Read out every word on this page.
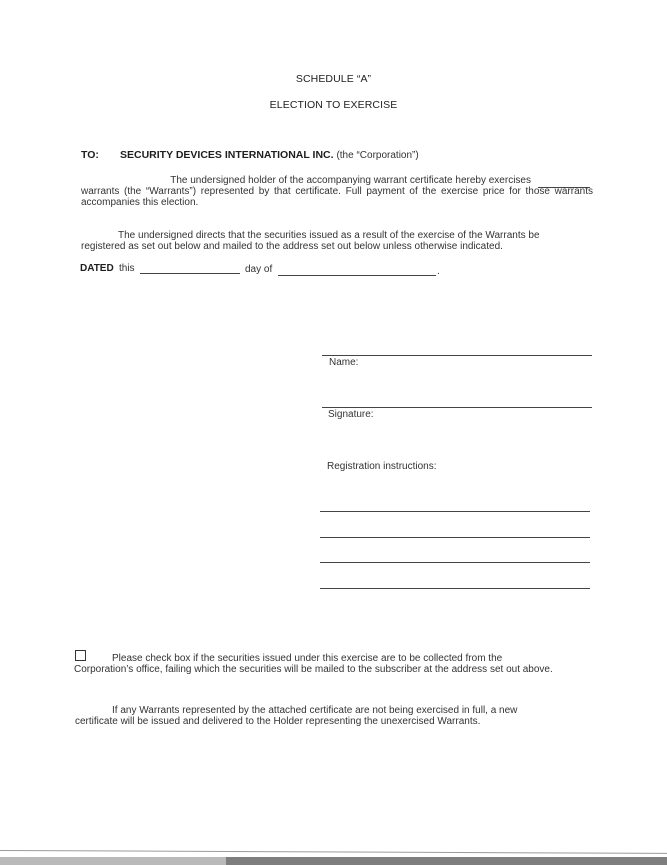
SCHEDULE “A”
ELECTION TO EXERCISE
TO: SECURITY DEVICES INTERNATIONAL INC. (the “Corporation”)
The undersigned holder of the accompanying warrant certificate hereby exercises
warrants (the “Warrants”) represented by that certificate. Full payment of the exercise price for those warrants accompanies this election.
The undersigned directs that the securities issued as a result of the exercise of the Warrants be
registered as set out below and mailed to the address set out below unless otherwise indicated.
DATED this	day of	.
Name:
Signature:
Registration instructions:
Please check box if the securities issued under this exercise are to be collected from the
Corporation’s office, failing which the securities will be mailed to the subscriber at the address set out above.
If any Warrants represented by the attached certificate are not being exercised in full, a new
certificate will be issued and delivered to the Holder representing the unexercised Warrants.
